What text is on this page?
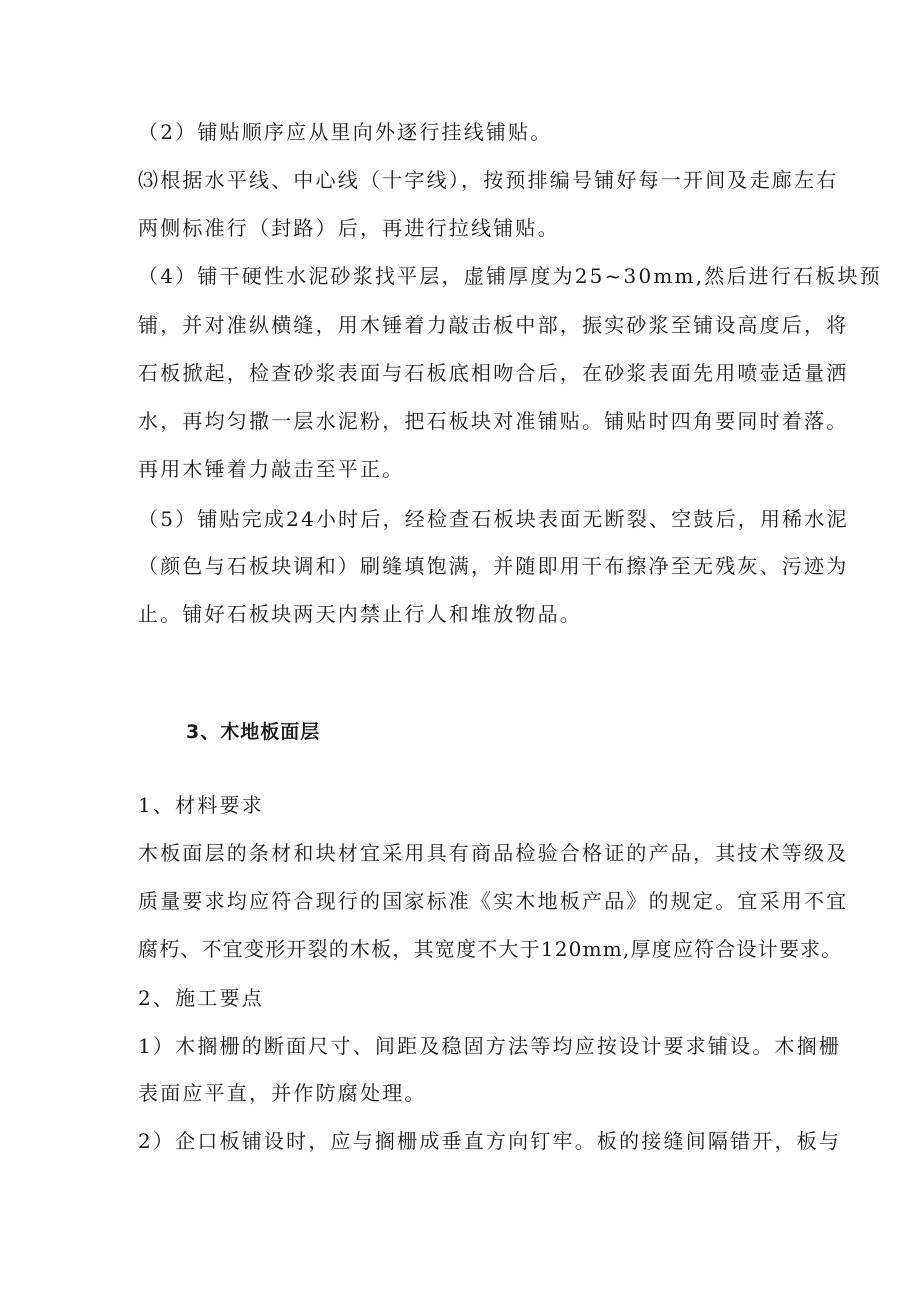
（2）铺贴顺序应从里向外逐行挂线铺贴。
⑶根据水平线、中心线（十字线），按预排编号铺好每一开间及走廊左右
两侧标准行（封路）后，再进行拉线铺贴。
（4）铺干硬性水泥砂浆找平层，虚铺厚度为25~30mm,然后进行石板块预
铺，并对准纵横缝，用木锤着力敲击板中部，振实砂浆至铺设高度后，将
石板掀起，检查砂浆表面与石板底相吻合后，在砂浆表面先用喷壶适量洒
水，再均匀撒一层水泥粉，把石板块对准铺贴。铺贴时四角要同时着落。
再用木锤着力敲击至平正。
（5）铺贴完成24小时后，经检查石板块表面无断裂、空鼓后，用稀水泥
（颜色与石板块调和）刷缝填饱满，并随即用干布擦净至无残灰、污迹为
止。铺好石板块两天内禁止行人和堆放物品。
3、木地板面层
1、材料要求
木板面层的条材和块材宜采用具有商品检验合格证的产品，其技术等级及
质量要求均应符合现行的国家标准《实木地板产品》的规定。宜采用不宜
腐朽、不宜变形开裂的木板，其宽度不大于120mm,厚度应符合设计要求。
2、施工要点
1）木搁栅的断面尺寸、间距及稳固方法等均应按设计要求铺设。木搁栅
表面应平直，并作防腐处理。
2）企口板铺设时，应与搁栅成垂直方向钉牢。板的接缝间隔错开，板与
